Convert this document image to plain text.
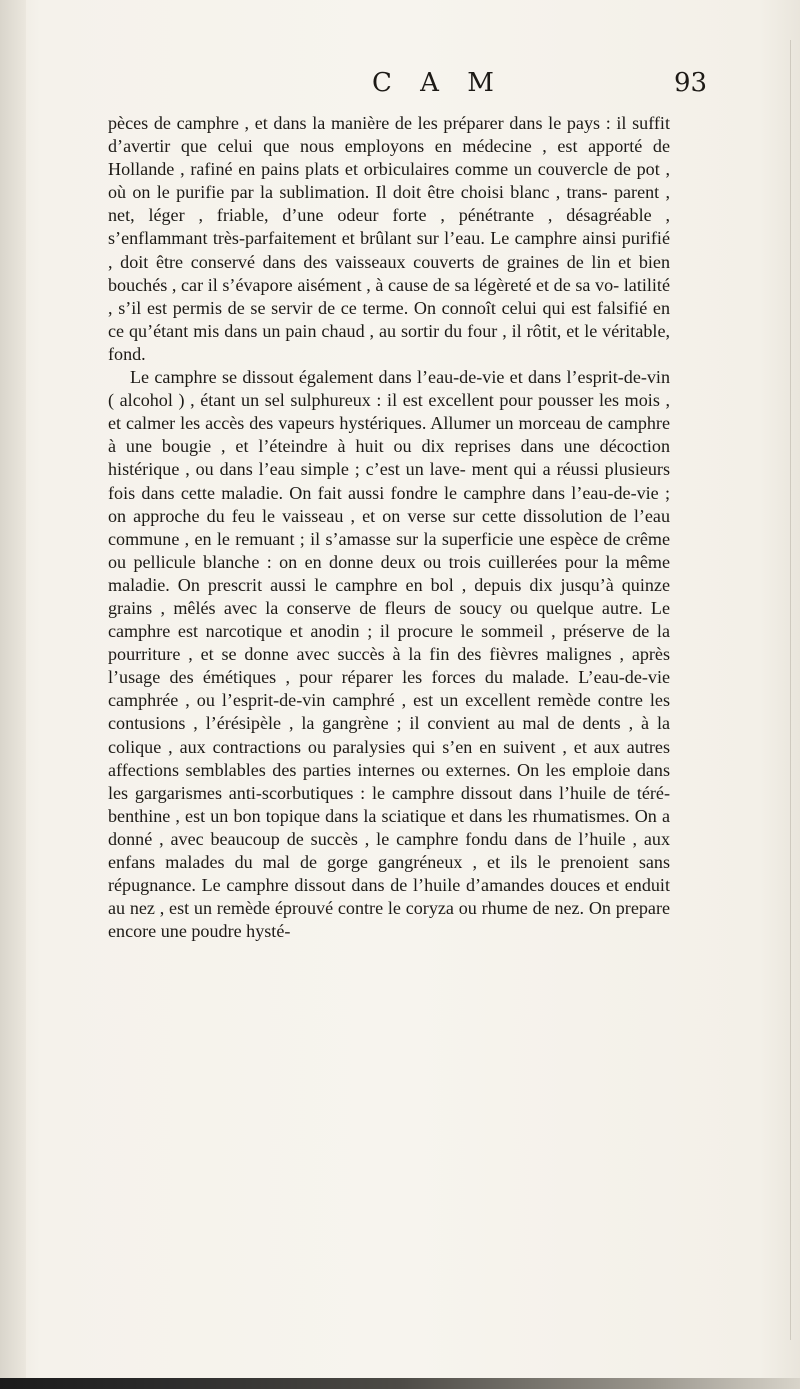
C A M	93

pèces de camphre , et dans la manière de les préparer dans le pays : il suffit d’avertir que celui que nous employons en médecine , est apporté de Hollande , rafiné en pains plats et orbiculaires comme un couvercle de pot , où on le purifie par la sublimation. Il doit être choisi blanc , trans- parent , net, léger , friable, d’une odeur forte , pénétrante , désagréable , s’enflammant très-parfaitement et brûlant sur l’eau. Le camphre ainsi purifié , doit être conservé dans des vaisseaux couverts de graines de lin et bien bouchés , car il s’évapore aisément , à cause de sa légèreté et de sa vo- latilité , s’il est permis de se servir de ce terme. On connoît celui qui est falsifié en ce qu’étant mis dans un pain chaud , au sortir du four , il rôtit, et le véritable, fond.

Le camphre se dissout également dans l’eau-de-vie et dans l’esprit-de-vin ( alcohol ) , étant un sel sulphureux : il est excellent pour pousser les mois , et calmer les accès des vapeurs hystériques. Allumer un morceau de camphre à une bougie , et l’éteindre à huit ou dix reprises dans une décoction histérique , ou dans l’eau simple ; c’est un lave- ment qui a réussi plusieurs fois dans cette maladie. On fait aussi fondre le camphre dans l’eau-de-vie ; on approche du feu le vaisseau , et on verse sur cette dissolution de l’eau commune , en le remuant ; il s’amasse sur la superficie une espèce de crême ou pellicule blanche : on en donne deux ou trois cuillerées pour la même maladie. On prescrit aussi le camphre en bol , depuis dix jusqu’à quinze grains , mêlés avec la conserve de fleurs de soucy ou quelque autre. Le camphre est narcotique et anodin ; il procure le sommeil , préserve de la pourriture , et se donne avec succès à la fin des fièvres malignes , après l’usage des émétiques , pour réparer les forces du malade. L’eau-de-vie camphrée , ou l’esprit-de-vin camphré , est un excellent remède contre les contusions , l’érésipèle , la gangrène ; il convient au mal de dents , à la colique , aux contractions ou paralysies qui s’en en suivent , et aux autres affections semblables des parties internes ou externes. On les emploie dans les gargarismes anti-scorbutiques : le camphre dissout dans l’huile de téré- benthine , est un bon topique dans la sciatique et dans les rhumatismes. On a donné , avec beaucoup de succès , le camphre fondu dans de l’huile , aux enfans malades du mal de gorge gangréneux , et ils le prenoient sans répugnance. Le camphre dissout dans de l’huile d’amandes douces et enduit au nez , est un remède éprouvé contre le coryza ou rhume de nez. On prepare encore une poudre hysté-
